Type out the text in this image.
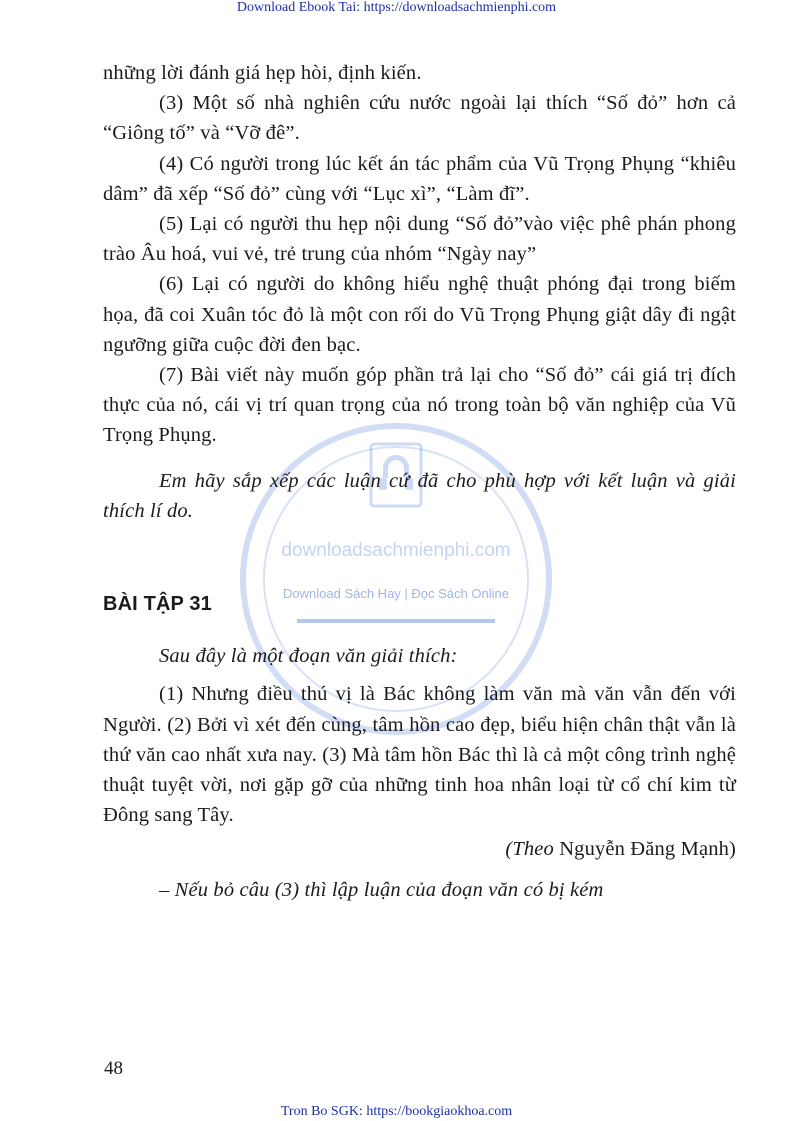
Download Ebook Tai: https://downloadsachmienphi.com
downloadsachmienphi.com
Download Sách Hay | Đọc Sách Online

những lời đánh giá hẹp hòi, định kiến.

(3) Một số nhà nghiên cứu nước ngoài lại thích “Số đỏ” hơn cả “Giông tố” và “Vỡ đê”.

(4) Có người trong lúc kết án tác phẩm của Vũ Trọng Phụng “khiêu dâm” đã xếp “Số đỏ” cùng với “Lục xì”, “Làm đĩ”.

(5) Lại có người thu hẹp nội dung “Số đỏ”vào việc phê phán phong trào Âu hoá, vui vẻ, trẻ trung của nhóm “Ngày nay”

(6) Lại có người do không hiểu nghệ thuật phóng đại trong biếm họa, đã coi Xuân tóc đỏ là một con rối do Vũ Trọng Phụng giật dây đi ngật ngưỡng giữa cuộc đời đen bạc.

(7) Bài viết này muốn góp phần trả lại cho “Số đỏ” cái giá trị đích thực của nó, cái vị trí quan trọng của nó trong toàn bộ văn nghiệp của Vũ Trọng Phụng.

Em hãy sắp xếp các luận cứ đã cho phù hợp với kết luận và giải thích lí do.

BÀI TẬP 31

Sau đây là một đoạn văn giải thích:

(1) Nhưng điều thú vị là Bác không làm văn mà văn vẫn đến với Người. (2) Bởi vì xét đến cùng, tâm hồn cao đẹp, biểu hiện chân thật vẫn là thứ văn cao nhất xưa nay. (3) Mà tâm hồn Bác thì là cả một công trình nghệ thuật tuyệt vời, nơi gặp gỡ của những tinh hoa nhân loại từ cổ chí kim từ Đông sang Tây.

(Theo Nguyễn Đăng Mạnh)

– Nếu bỏ câu (3) thì lập luận của đoạn văn có bị kém

48
Tron Bo SGK: https://bookgiaokhoa.com
